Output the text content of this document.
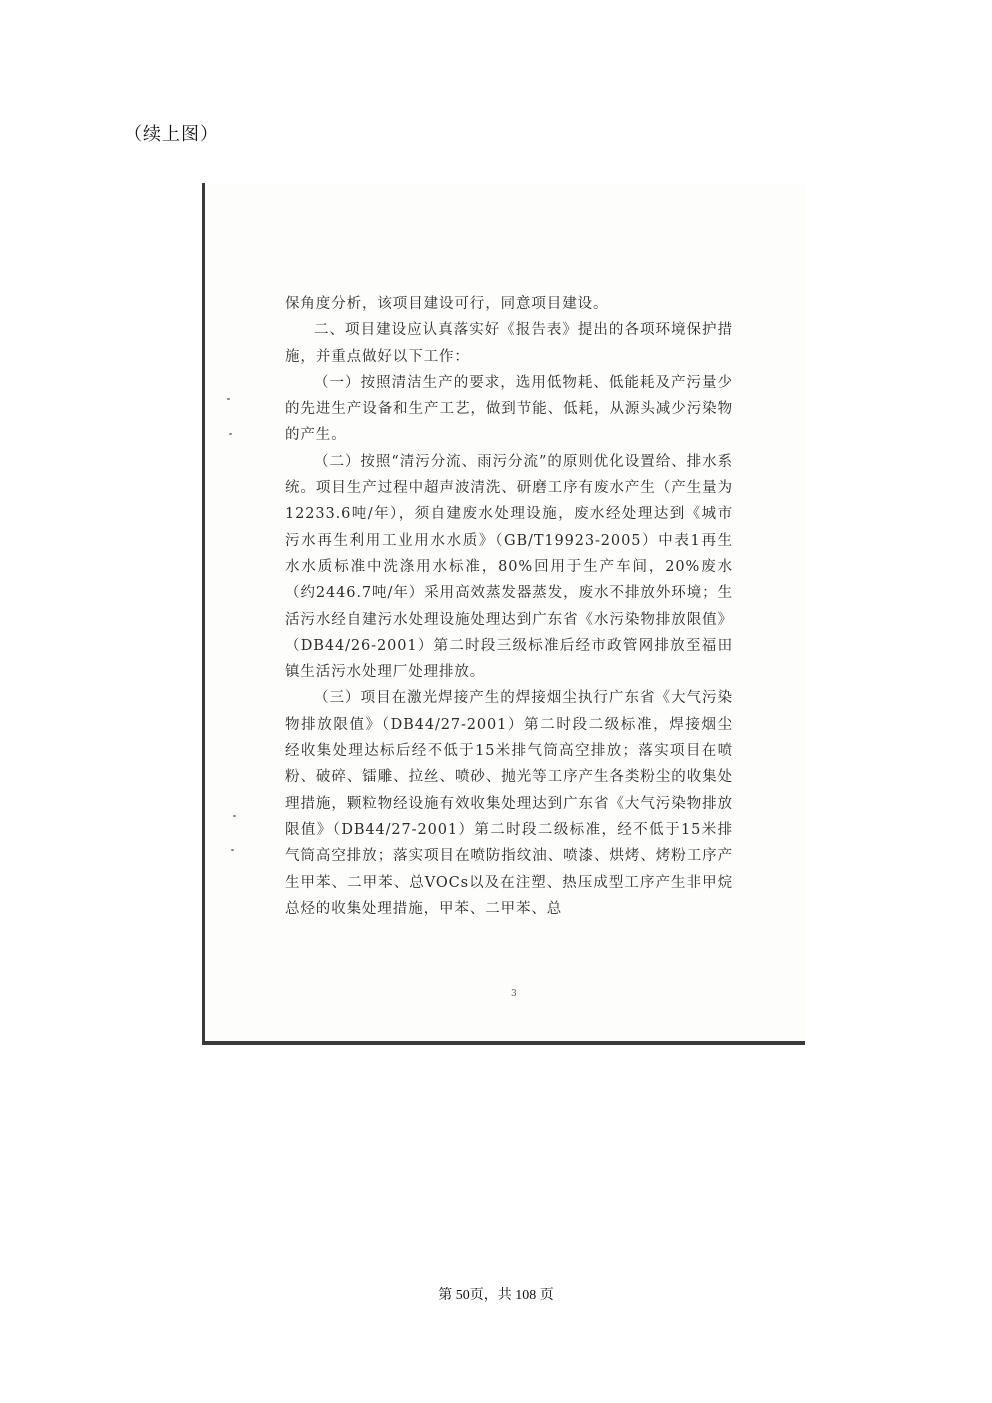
（续上图）

保角度分析，该项目建设可行，同意项目建设。

二、项目建设应认真落实好《报告表》提出的各项环境保护措施，并重点做好以下工作：

（一）按照清洁生产的要求，选用低物耗、低能耗及产污量少的先进生产设备和生产工艺，做到节能、低耗，从源头减少污染物的产生。

（二）按照“清污分流、雨污分流”的原则优化设置给、排水系统。项目生产过程中超声波清洗、研磨工序有废水产生（产生量为12233.6吨/年），须自建废水处理设施，废水经处理达到《城市污水再生利用工业用水水质》（GB/T19923-2005）中表1再生水水质标准中洗涤用水标准，80%回用于生产车间，20%废水（约2446.7吨/年）采用高效蒸发器蒸发，废水不排放外环境；生活污水经自建污水处理设施处理达到广东省《水污染物排放限值》（DB44/26-2001）第二时段三级标准后经市政管网排放至福田镇生活污水处理厂处理排放。

（三）项目在激光焊接产生的焊接烟尘执行广东省《大气污染物排放限值》（DB44/27-2001）第二时段二级标准，焊接烟尘经收集处理达标后经不低于15米排气筒高空排放；落实项目在喷粉、破碎、镭雕、拉丝、喷砂、抛光等工序产生各类粉尘的收集处理措施，颗粒物经设施有效收集处理达到广东省《大气污染物排放限值》（DB44/27-2001）第二时段二级标准，经不低于15米排气筒高空排放；落实项目在喷防指纹油、喷漆、烘烤、烤粉工序产生甲苯、二甲苯、总VOCs以及在注塑、热压成型工序产生非甲烷总烃的收集处理措施，甲苯、二甲苯、总

3
第 50页，共 108 页
